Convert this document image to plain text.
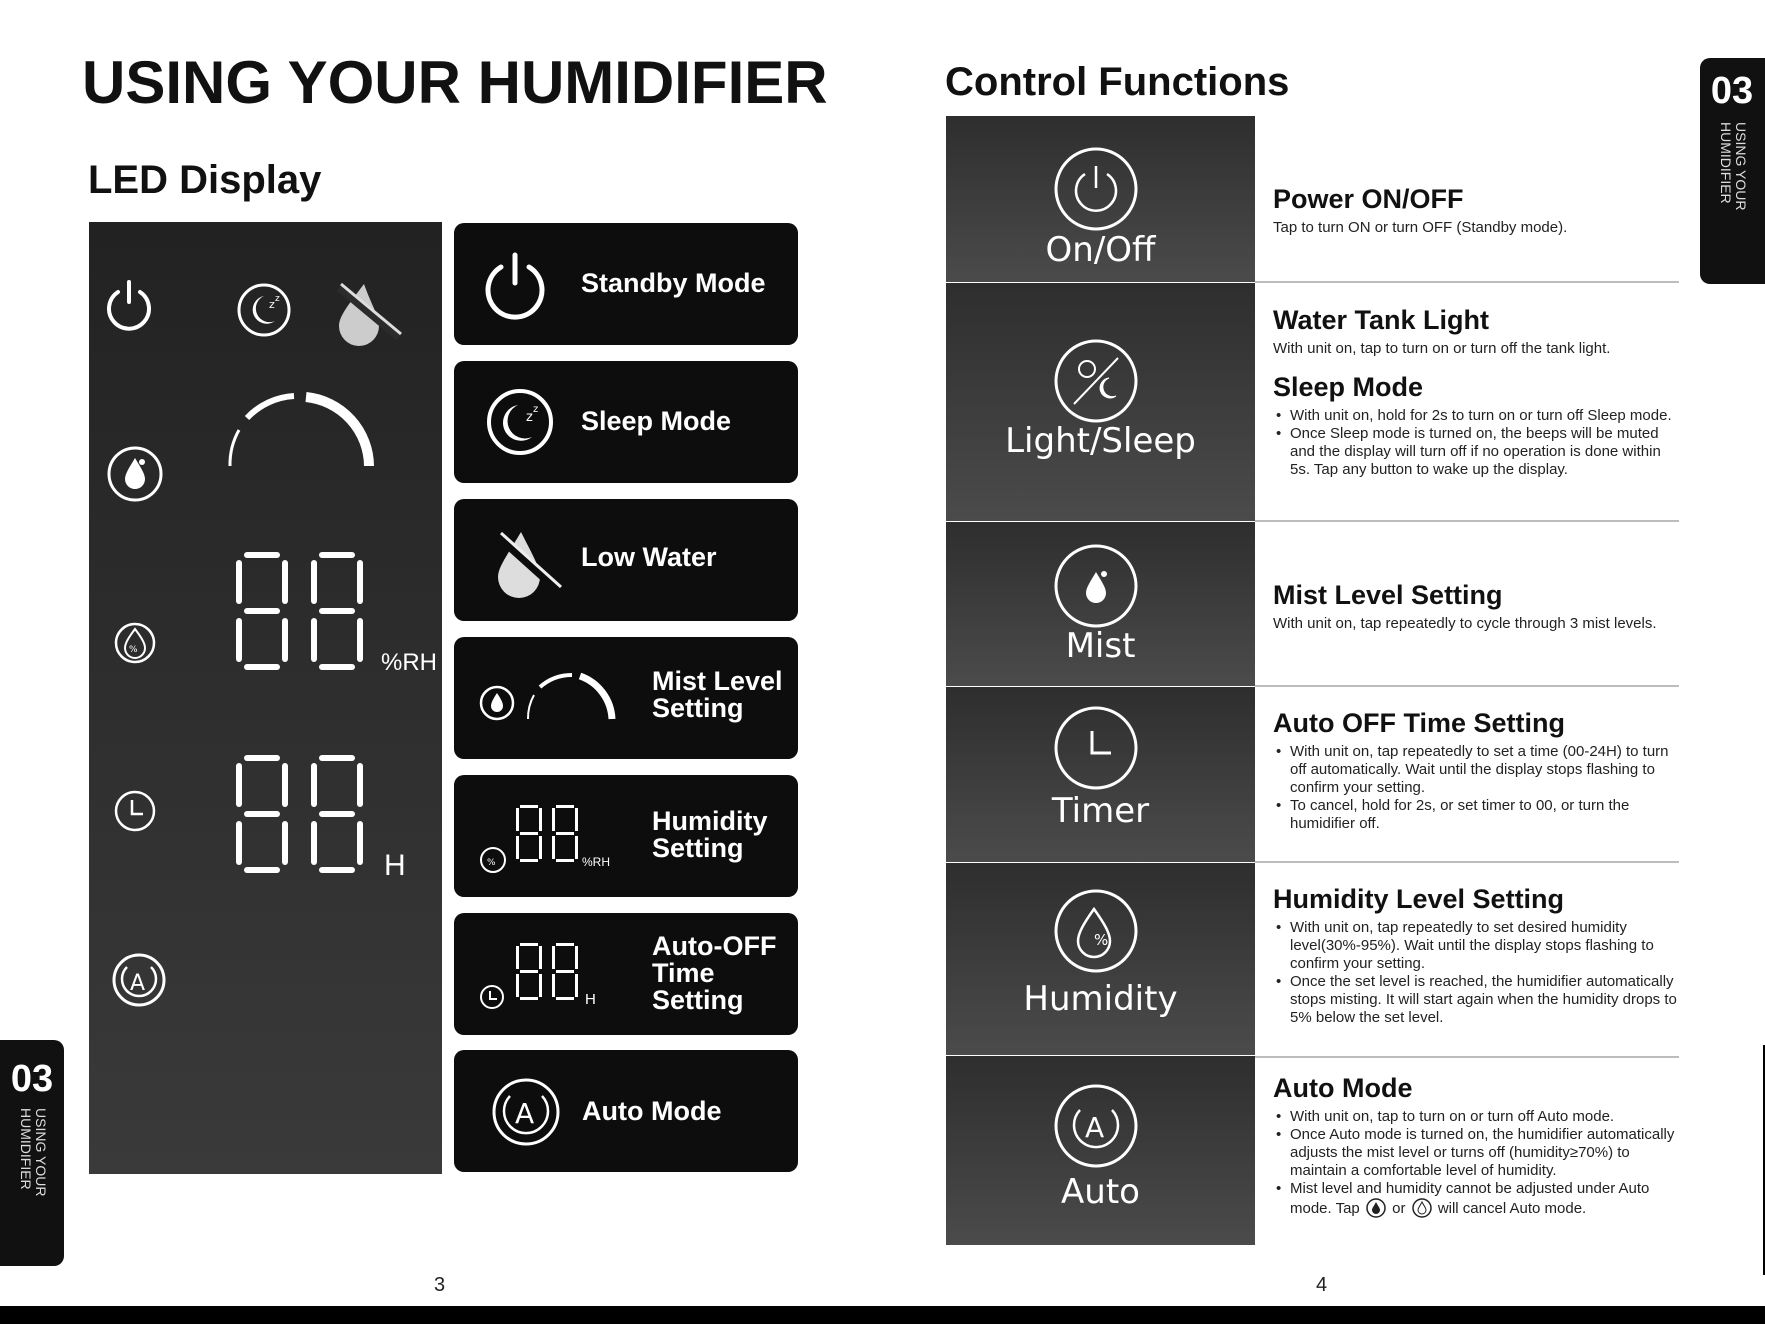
USING YOUR HUMIDIFIER
LED Display
z z
%	%RH
H
A
Standby Mode
z
z Sleep Mode
Low Water
Mist Level
Setting
%	%RH
Humidity
Setting
H
Auto-OFF
Time
Setting
A Auto Mode
3
03
USING YOUR
HUMIDIFIER
Control Functions
On/Off
Light/Sleep
Mist
Timer
%
Humidity
A
Auto
Power ON/OFF
Tap to turn ON or turn OFF (Standby mode).
Water Tank Light
With unit on, tap to turn on or turn off the tank light.
Sleep Mode
• With unit on, hold for 2s to turn on or turn off Sleep mode.
• Once Sleep mode is turned on, the beeps will be muted and the display will turn off if no operation is done within 5s. Tap any button to wake up the display.
Mist Level Setting
With unit on, tap repeatedly to cycle through 3 mist levels.
Auto OFF Time Setting
• With unit on, tap repeatedly to set a time (00-24H) to turn off automatically. Wait until the display stops flashing to confirm your setting.
• To cancel, hold for 2s, or set timer to 00, or turn the humidifier off.
Humidity Level Setting
• With unit on, tap repeatedly to set desired humidity level(30%-95%). Wait until the display stops flashing to confirm your setting.
• Once the set level is reached, the humidifier automatically stops misting. It will start again when the humidity drops to 5% below the set level.
Auto Mode
• With unit on, tap to turn on or turn off Auto mode.
• Once Auto mode is turned on, the humidifier automatically adjusts the mist level or turns off (humidity≥70%) to maintain a comfortable level of humidity.
• Mist level and humidity cannot be adjusted under Auto mode. Tap or will cancel Auto mode.
4
03
USING YOUR
HUMIDIFIER
